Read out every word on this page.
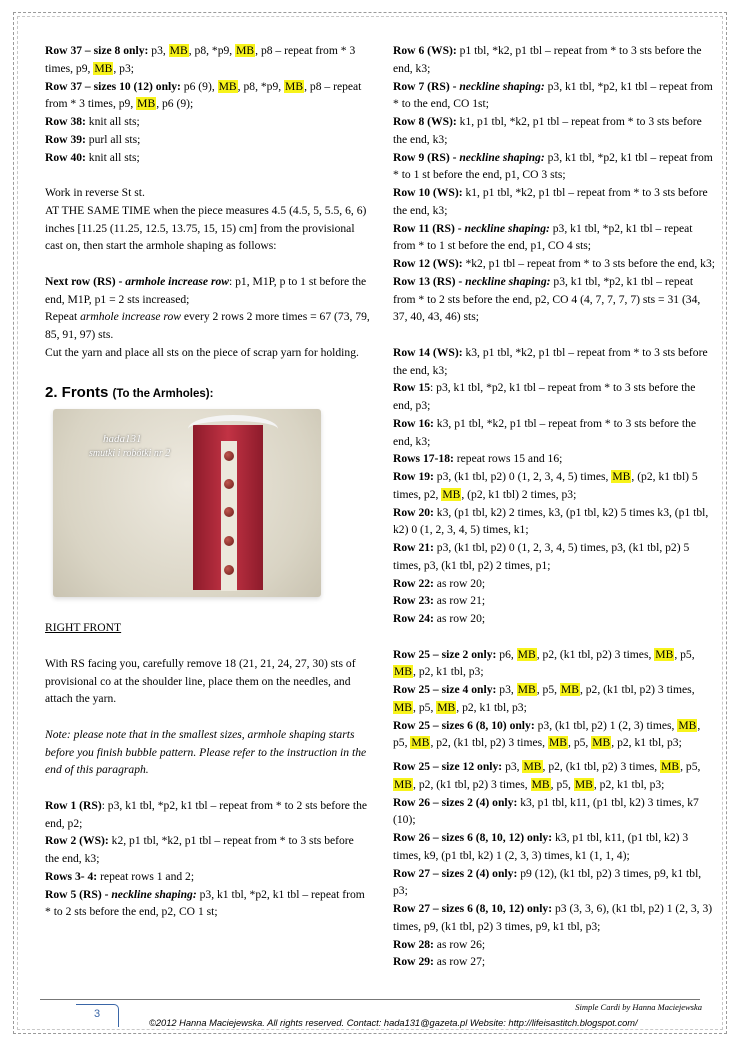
Row 37 – size 8 only: p3, MB, p8, *p9, MB, p8 – repeat from * 3 times, p9, MB, p3;

Row 37 – sizes 10 (12) only: p6 (9), MB, p8, *p9, MB, p8 – repeat from * 3 times, p9, MB, p6 (9);

Row 38: knit all sts;

Row 39: purl all sts;

Row 40: knit all sts;

Work in reverse St st.

AT THE SAME TIME when the piece measures 4.5 (4.5, 5, 5.5, 6, 6) inches [11.25 (11.25, 12.5, 13.75, 15, 15) cm] from the provisional cast on, then start the armhole shaping as follows:

Next row (RS) - armhole increase row: p1, M1P, p to 1 st before the end, M1P, p1 = 2 sts increased;

Repeat armhole increase row every 2 rows 2 more times = 67 (73, 79, 85, 91, 97) sts.

Cut the yarn and place all sts on the piece of scrap yarn for holding.

2. Fronts (To the Armholes):

hada131
smutki i robótki nr 2

RIGHT FRONT

With RS facing you, carefully remove 18 (21, 21, 24, 27, 30) sts of provisional co at the shoulder line, place them on the needles, and attach the yarn.

Note: please note that in the smallest sizes, armhole shaping starts before you finish bubble pattern. Please refer to the instruction in the end of this paragraph.

Row 1 (RS): p3, k1 tbl, *p2, k1 tbl – repeat from * to 2 sts before the end, p2;

Row 2 (WS): k2, p1 tbl, *k2, p1 tbl – repeat from * to 3 sts before the end, k3;

Rows 3- 4: repeat rows 1 and 2;

Row 5 (RS) - neckline shaping: p3, k1 tbl, *p2, k1 tbl – repeat from * to 2 sts before the end, p2, CO 1 st;

Row 6 (WS): p1 tbl, *k2, p1 tbl – repeat from * to 3 sts before the end, k3;

Row 7 (RS) - neckline shaping: p3, k1 tbl, *p2, k1 tbl – repeat from * to the end, CO 1st;

Row 8 (WS): k1, p1 tbl, *k2, p1 tbl – repeat from * to 3 sts before the end, k3;

Row 9 (RS) - neckline shaping: p3, k1 tbl, *p2, k1 tbl – repeat from * to 1 st before the end, p1, CO 3 sts;

Row 10 (WS): k1, p1 tbl, *k2, p1 tbl – repeat from * to 3 sts before the end, k3;

Row 11 (RS) - neckline shaping: p3, k1 tbl, *p2, k1 tbl – repeat from * to 1 st before the end, p1, CO 4 sts;

Row 12 (WS): *k2, p1 tbl – repeat from * to 3 sts before the end, k3;

Row 13 (RS) - neckline shaping: p3, k1 tbl, *p2, k1 tbl – repeat from * to 2 sts before the end, p2, CO 4 (4, 7, 7, 7, 7) sts = 31 (34, 37, 40, 43, 46) sts;

Row 14 (WS): k3, p1 tbl, *k2, p1 tbl – repeat from * to 3 sts before the end, k3;

Row 15: p3, k1 tbl, *p2, k1 tbl – repeat from * to 3 sts before the end, p3;

Row 16: k3, p1 tbl, *k2, p1 tbl – repeat from * to 3 sts before the end, k3;

Rows 17-18: repeat rows 15 and 16;

Row 19: p3, (k1 tbl, p2) 0 (1, 2, 3, 4, 5) times, MB, (p2, k1 tbl) 5 times, p2, MB, (p2, k1 tbl) 2 times, p3;

Row 20: k3, (p1 tbl, k2) 2 times, k3, (p1 tbl, k2) 5 times k3, (p1 tbl, k2) 0 (1, 2, 3, 4, 5) times, k1;

Row 21: p3, (k1 tbl, p2) 0 (1, 2, 3, 4, 5) times, p3, (k1 tbl, p2) 5 times, p3, (k1 tbl, p2) 2 times, p1;

Row 22: as row 20;

Row 23: as row 21;

Row 24: as row 20;

Row 25 – size 2 only: p6, MB, p2, (k1 tbl, p2) 3 times, MB, p5, MB, p2, k1 tbl, p3;

Row 25 – size 4 only: p3, MB, p5, MB, p2, (k1 tbl, p2) 3 times, MB, p5, MB, p2, k1 tbl, p3;

Row 25 – sizes 6 (8, 10) only: p3, (k1 tbl, p2) 1 (2, 3) times, MB, p5, MB, p2, (k1 tbl, p2) 3 times, MB, p5, MB, p2, k1 tbl, p3;

Row 25 – size 12 only: p3, MB, p2, (k1 tbl, p2) 3 times, MB, p5, MB, p2, (k1 tbl, p2) 3 times, MB, p5, MB, p2, k1 tbl, p3;

Row 26 – sizes 2 (4) only: k3, p1 tbl, k11, (p1 tbl, k2) 3 times, k7 (10);

Row 26 – sizes 6 (8, 10, 12) only: k3, p1 tbl, k11, (p1 tbl, k2) 3 times, k9, (p1 tbl, k2) 1 (2, 3, 3) times, k1 (1, 1, 4);

Row 27 – sizes 2 (4) only: p9 (12), (k1 tbl, p2) 3 times, p9, k1 tbl, p3;

Row 27 – sizes 6 (8, 10, 12) only: p3 (3, 3, 6), (k1 tbl, p2) 1 (2, 3, 3) times, p9, (k1 tbl, p2) 3 times, p9, k1 tbl, p3;

Row 28: as row 26;

Row 29: as row 27;

3
Simple Cardi by Hanna Maciejewska
©2012 Hanna Maciejewska. All rights reserved. Contact: hada131@gazeta.pl Website: http://lifeisastitch.blogspot.com/
